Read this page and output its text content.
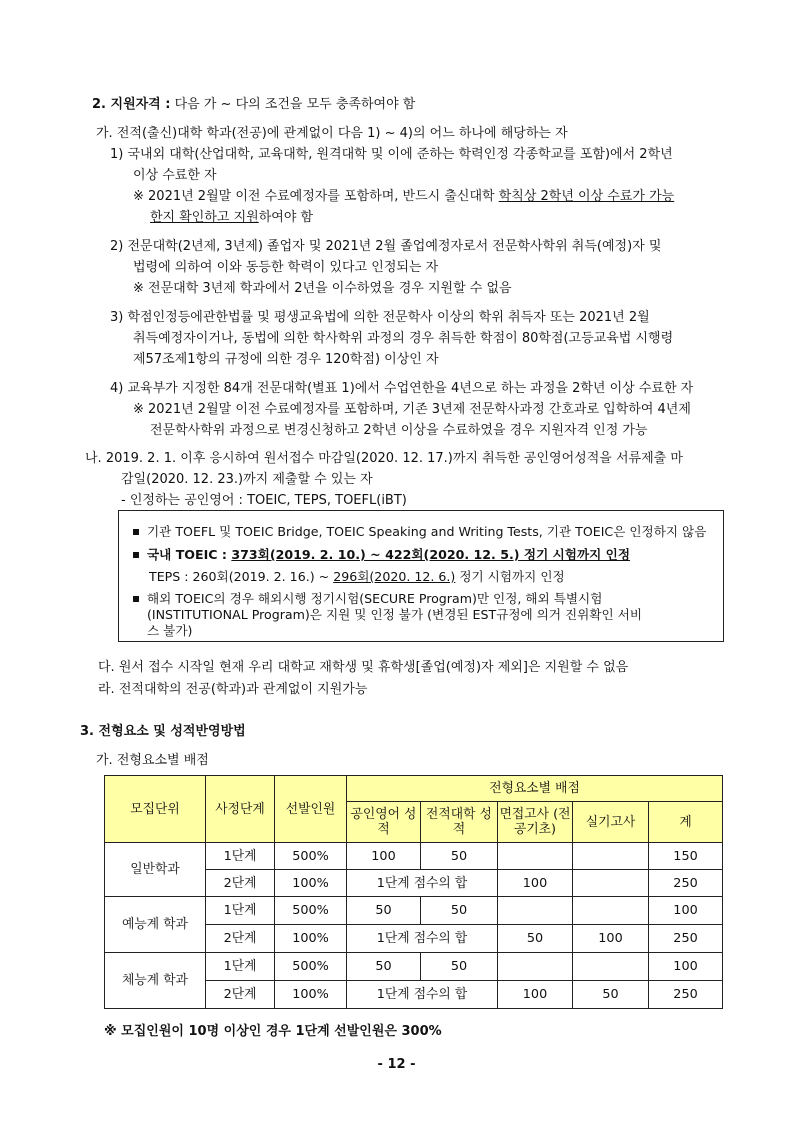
2. 지원자격 : 다음 가 ~ 다의 조건을 모두 충족하여야 함
가. 전적(출신)대학 학과(전공)에 관계없이 다음 1) ~ 4)의 어느 하나에 해당하는 자
1) 국내외 대학(산업대학, 교육대학, 원격대학 및 이에 준하는 학력인정 각종학교를 포함)에서 2학년
이상 수료한 자
※ 2021년 2월말 이전 수료예정자를 포함하며, 반드시 출신대학 학칙상 2학년 이상 수료가 가능
한지 확인하고 지원하여야 함
2) 전문대학(2년제, 3년제) 졸업자 및 2021년 2월 졸업예정자로서 전문학사학위 취득(예정)자 및
법령에 의하여 이와 동등한 학력이 있다고 인정되는 자
※ 전문대학 3년제 학과에서 2년을 이수하였을 경우 지원할 수 없음
3) 학점인정등에관한법률 및 평생교육법에 의한 전문학사 이상의 학위 취득자 또는 2021년 2월
취득예정자이거나, 동법에 의한 학사학위 과정의 경우 취득한 학점이 80학점(고등교육법 시행령
제57조제1항의 규정에 의한 경우 120학점) 이상인 자
4) 교육부가 지정한 84개 전문대학(별표 1)에서 수업연한을 4년으로 하는 과정을 2학년 이상 수료한 자
※ 2021년 2월말 이전 수료예정자를 포함하며, 기존 3년제 전문학사과정 간호과로 입학하여 4년제
전문학사학위 과정으로 변경신청하고 2학년 이상을 수료하였을 경우 지원자격 인정 가능
나. 2019. 2. 1. 이후 응시하여 원서접수 마감일(2020. 12. 17.)까지 취득한 공인영어성적을 서류제출 마
감일(2020. 12. 23.)까지 제출할 수 있는 자
- 인정하는 공인영어 : TOEIC, TEPS, TOEFL(iBT)
기관 TOEFL 및 TOEIC Bridge, TOEIC Speaking and Writing Tests, 기관 TOEIC은 인정하지 않음
국내 TOEIC : 373회(2019. 2. 10.) ~ 422회(2020. 12. 5.) 정기 시험까지 인정
TEPS : 260회(2019. 2. 16.) ~ 296회(2020. 12. 6.) 정기 시험까지 인정
해외 TOEIC의 경우 해외시행 정기시험(SECURE Program)만 인정, 해외 특별시험
(INSTITUTIONAL Program)은 지원 및 인정 불가 (변경된 EST규정에 의거 진위확인 서비
스 불가)
다. 원서 접수 시작일 현재 우리 대학교 재학생 및 휴학생[졸업(예정)자 제외]은 지원할 수 없음
라. 전적대학의 전공(학과)과 관계없이 지원가능
3. 전형요소 및 성적반영방법
가. 전형요소별 배점
모집단위	사정단계	선발인원	전형요소별 배점				
			공인영어 성적	전적대학 성적	면접고사 (전공기초)	실기고사	계
일반학과	1단계	500%	100	50			150
	2단계	100%	1단계 점수의 합		100		250
예능계 학과	1단계	500%	50	50			100
	2단계	100%	1단계 점수의 합		50	100	250
체능계 학과	1단계	500%	50	50			100
	2단계	100%	1단계 점수의 합		100	50	250
※ 모집인원이 10명 이상인 경우 1단계 선발인원은 300%
- 12 -
